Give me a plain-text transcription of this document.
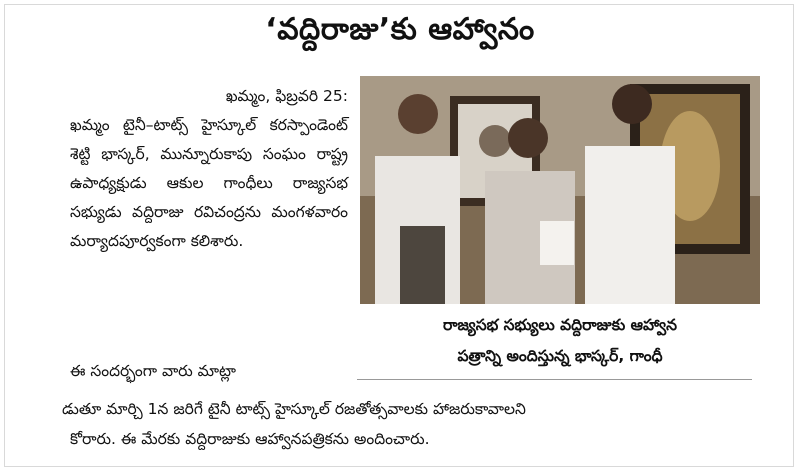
‘వద్దిరాజు’కు ఆహ్వానం

ఖమ్మం, ఫిబ్రవరి 25:

ఖమ్మం టైనీ–టాట్స్ హైస్కూల్ కరస్పాండెంట్ శెట్టి భాస్కర్, మున్నూరుకాపు సంఘం రాష్ట్ర ఉపాధ్యక్షుడు ఆకుల గాంధీలు రాజ్యసభ సభ్యుడు వద్దిరాజు రవిచంద్రను మంగళవారం మర్యాదపూర్వకంగా కలిశారు.

రాజ్యసభ సభ్యులు వద్దిరాజుకు ఆహ్వాన
పత్రాన్ని అందిస్తున్న భాస్కర్, గాంధీ
ఈ సందర్భంగా వారు మాట్లా
డుతూ మార్చి 1న జరిగే టైనీ టాట్స్ హైస్కూల్ రజతోత్సవాలకు హాజరుకావాలని
కోరారు. ఈ మేరకు వద్దిరాజుకు ఆహ్వానపత్రికను అందించారు.
